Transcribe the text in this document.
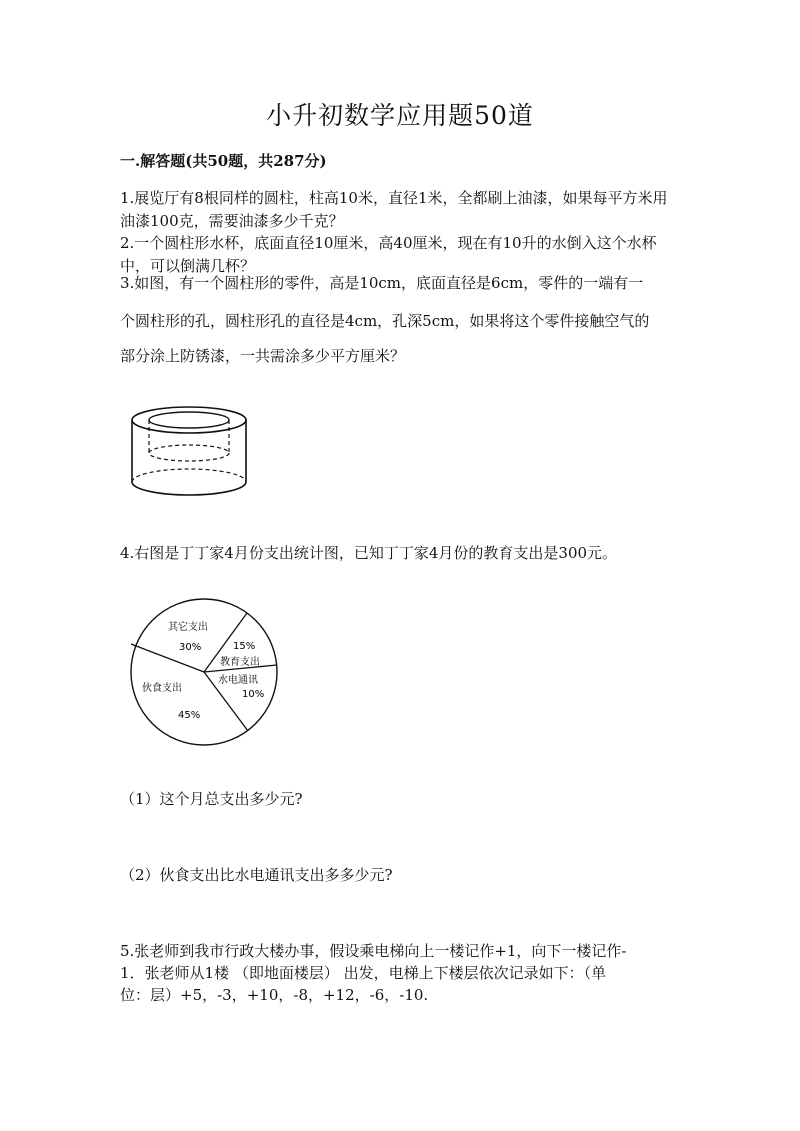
小升初数学应用题50道
一.解答题(共50题，共287分)
1.展览厅有8根同样的圆柱，柱高10米，直径1米，全都刷上油漆，如果每平方米用油漆100克，需要油漆多少千克？
2.一个圆柱形水杯，底面直径10厘米，高40厘米，现在有10升的水倒入这个水杯中，可以倒满几杯？
3.如图，有一个圆柱形的零件，高是10cm，底面直径是6cm，零件的一端有一
个圆柱形的孔，圆柱形孔的直径是4cm，孔深5cm，如果将这个零件接触空气的
部分涂上防锈漆，一共需涂多少平方厘米？
4.右图是丁丁家4月份支出统计图，已知丁丁家4月份的教育支出是300元。
其它支出
30%	15%
教育支出
水电通讯
10%
伙食支出
45%
（1）这个月总支出多少元?
（2）伙食支出比水电通讯支出多多少元?
5.张老师到我市行政大楼办事，假设乘电梯向上一楼记作+1，向下一楼记作-
1．张老师从1楼 （即地面楼层） 出发，电梯上下楼层依次记录如下：（单
位：层）+5，-3，+10，-8，+12，-6，-10.
